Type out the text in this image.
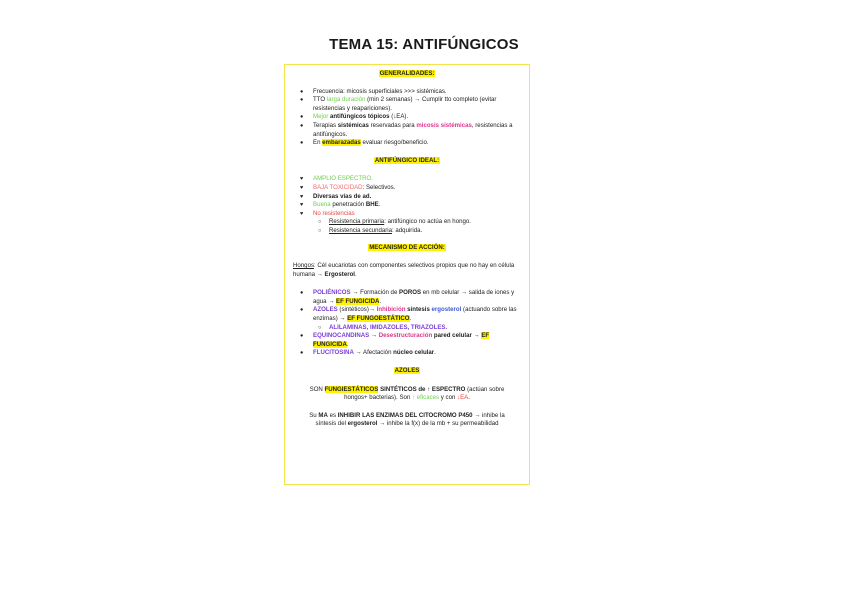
TEMA 15: ANTIFÚNGICOS

GENERALIDADES:

● Frecuencia: micosis superficiales >>> sistémicas.
● TTO larga duración (min 2 semanas) → Cumplir tto completo (evitar resistencias y reapariciones).
● Mejor antifúngicos tópicos (↓EA).
● Terapias sistémicas reservadas para micosis sistémicas, resistencias a antifúngicos.
● En embarazadas evaluar riesgo/beneficio.

ANTIFÚNGICO IDEAL:

♥ AMPLIO ESPECTRO.
♥ BAJA TOXICIDAD: Selectivos.
♥ Diversas vías de ad.
♥ Buena penetración BHE.
♥ No resistencias
○ Resistencia primaria: antifúngico no actúa en hongo.
○ Resistencia secundaria: adquirida.

MECANISMO DE ACCIÓN:

Hongos: Cél eucariotas con componentes selectivos propios que no hay en célula humana → Ergosterol.

● POLIÉNICOS → Formación de POROS en mb celular → salida de iones y agua → EF FUNGICIDA.
● AZOLES (sintéticos)→ Inhibición síntesis ergosterol (actuando sobre las enzimas) → EF FUNGOESTÁTICO.
○ ALILAMINAS, IMIDAZOLES, TRIAZOLES.
● EQUINOCANDINAS → Desestructuración pared celular → EF FUNGICIDA.
● FLUCITOSINA → Afectación núcleo celular.

AZOLES

SON FUNGIESTÁTICOS SINTÉTICOS de ↑ ESPECTRO (actúan sobre hongos+ bacterias). Son ↑ eficaces y con ↓EA.

Su MA es INHIBIR LAS ENZIMAS DEL CITOCROMO P450 → inhibe la síntesis del ergosterol → inhibe la f(x) de la mb + su permeabilidad
